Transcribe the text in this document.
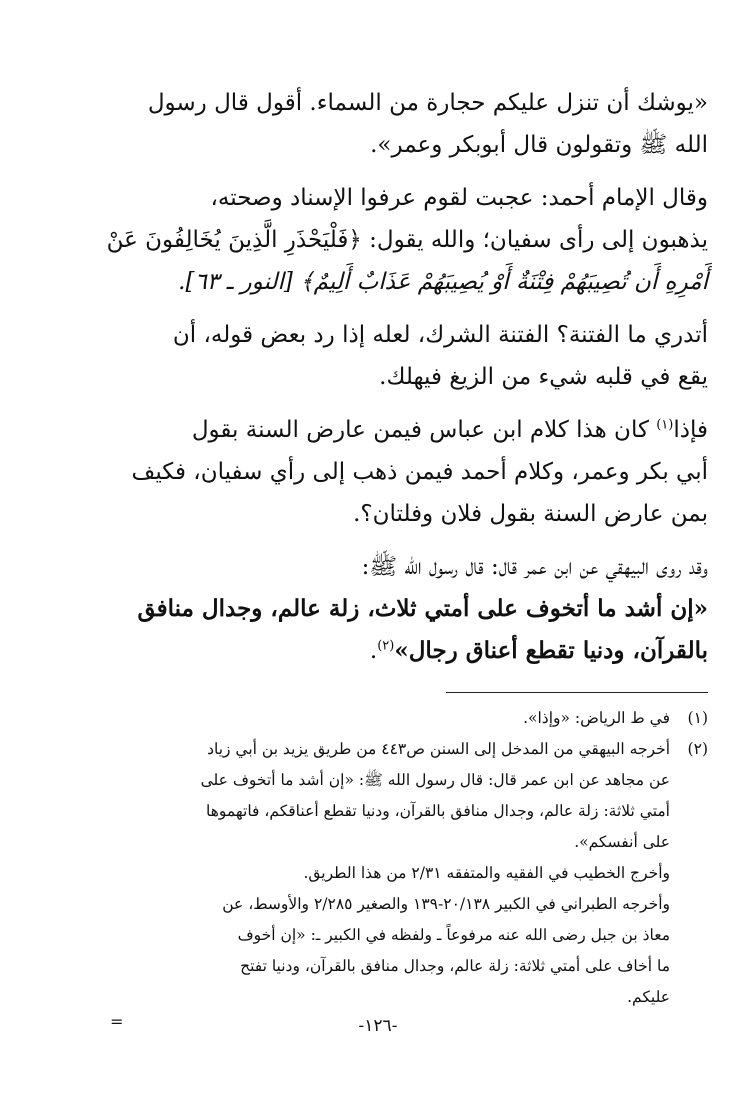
«يوشك أن تنزل عليكم حجارة من السماء. أقول قال رسول

الله ﷺ وتقولون قال أبوبكر وعمر».

وقال الإمام أحمد: عجبت لقوم عرفوا الإسناد وصحته،

يذهبون إلى رأى سفيان؛ والله يقول: ﴿فَلْيَحْذَرِ الَّذِينَ يُخَالِفُونَ عَنْ

أَمْرِهِ أَن تُصِيبَهُمْ فِتْنَةٌ أَوْ يُصِيبَهُمْ عَذَابٌ أَلِيمٌ﴾ [النور ـ ٦٣].

أتدري ما الفتنة؟ الفتنة الشرك، لعله إذا رد بعض قوله، أن

يقع في قلبه شيء من الزيغ فيهلك.

فإذا$^{(١)}$ كان هذا كلام ابن عباس فيمن عارض السنة بقول

أبي بكر وعمر، وكلام أحمد فيمن ذهب إلى رأي سفيان، فكيف

بمن عارض السنة بقول فلان وفلتان؟.

وقد روى البيهقي عن ابن عمر قال: قال رسول الله ﷺ:

«إن أشد ما أتخوف على أمتي ثلاث، زلة عالم، وجدال منافق

بالقرآن، ودنيا تقطع أعناق رجال»$^{(٢)}$.

(١)

في ط الرياض: «وإذا».

(٢)

أخرجه البيهقي من المدخل إلى السنن ص٤٤٣ من طريق يزيد بن أبي زياد

عن مجاهد عن ابن عمر قال: قال رسول الله ﷺ: «إن أشد ما أتخوف على

أمتي ثلاثة: زلة عالم، وجدال منافق بالقرآن، ودنيا تقطع أعناقكم، فاتهموها

على أنفسكم».

وأخرج الخطيب في الفقيه والمتفقه ٢/٣١ من هذا الطريق.

وأخرجه الطبراني في الكبير ٢٠/١٣٨-١٣٩ والصغير ٢/٢٨٥ والأوسط، عن

معاذ بن جبل رضى الله عنه مرفوعاً ـ ولفظه في الكبير ـ: «إن أخوف

ما أخاف على أمتي ثلاثة: زلة عالم، وجدال منافق بالقرآن، ودنيا تفتح

عليكم.

=	-١٢٦-
